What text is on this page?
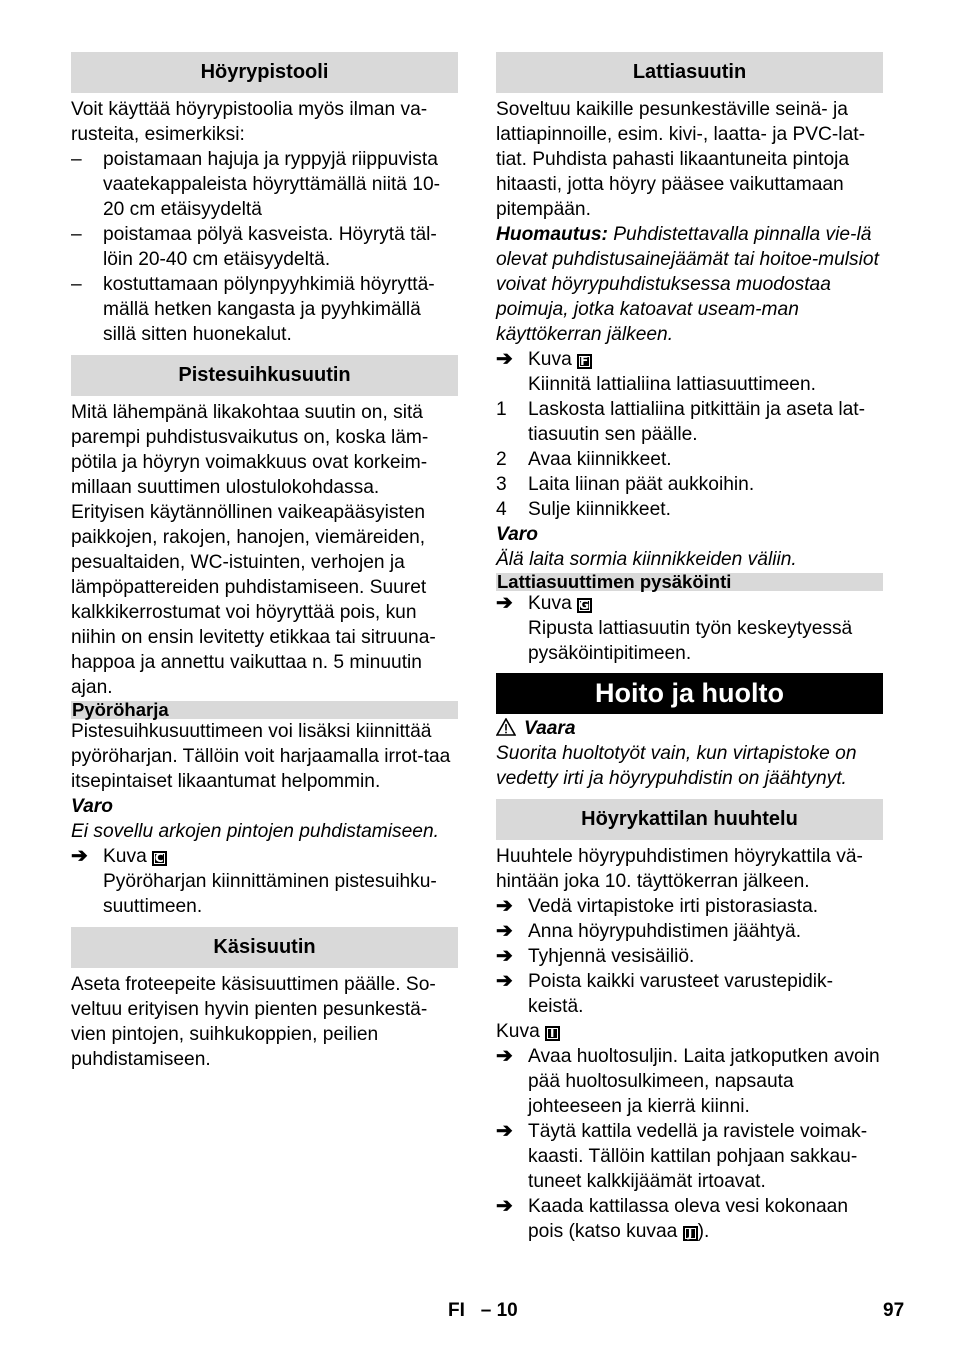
Höyrypistooli

Voit käyttää höyrypistoolia myös ilman va-rusteita, esimerkiksi:

–	poistamaan hajuja ja ryppyjä riippuvista vaatekappaleista höyryttämällä niitä 10-20 cm etäisyydeltä
–	poistamaa pölyä kasveista. Höyrytä täl-löin 20-40 cm etäisyydeltä.
–	kostuttamaan pölynpyyhkimiä höyryttä-mällä hetken kangasta ja pyyhkimällä sillä sitten huonekalut.
Pistesuihkusuutin

Mitä lähempänä likakohtaa suutin on, sitä parempi puhdistusvaikutus on, koska läm-pötila ja höyryn voimakkuus ovat korkeim-millaan suuttimen ulostulokohdassa. Erityisen käytännöllinen vaikeapääsyisten paikkojen, rakojen, hanojen, viemäreiden, pesualtaiden, WC-istuinten, verhojen ja lämpöpattereiden puhdistamiseen. Suuret kalkkikerrostumat voi höyryttää pois, kun niihin on ensin levitetty etikkaa tai sitruuna-happoa ja annettu vaikuttaa n. 5 minuutin ajan.

Pyöröharja

Pistesuihkusuuttimeen voi lisäksi kiinnittää pyöröharjan. Tällöin voit harjaamalla irrot-taa itsepintaiset likaantumat helpommin.

Varo

Ei sovellu arkojen pintojen puhdistamiseen.

➔ Kuva C
Pyöröharjan kiinnittäminen pistesuihku-suuttimeen.
Käsisuutin

Aseta froteepeite käsisuuttimen päälle. So-veltuu erityisen hyvin pienten pesunkestä-vien pintojen, suihkukoppien, peilien puhdistamiseen.

Lattiasuutin

Soveltuu kaikille pesunkestäville seinä- ja lattiapinnoille, esim. kivi-, laatta- ja PVC-lat-tiat. Puhdista pahasti likaantuneita pintoja hitaasti, jotta höyry pääsee vaikuttamaan pitempään.

Huomautus: Puhdistettavalla pinnalla vie-lä olevat puhdistusainejäämät tai hoitoe-mulsiot voivat höyrypuhdistuksessa muodostaa poimuja, jotka katoavat useam-man käyttökerran jälkeen.

➔ Kuva F
Kiinnitä lattialiina lattiasuuttimeen.
1	Laskosta lattialiina pitkittäin ja aseta lat-tiasuutin sen päälle.
2	Avaa kiinnikkeet.
3	Laita liinan päät aukkoihin.
4	Sulje kiinnikkeet.

Varo

Älä laita sormia kiinnikkeiden väliin.

Lattiasuuttimen pysäköinti
➔ Kuva G
Ripusta lattiasuutin työn keskeytyessä pysäköintipitimeen.
Hoito ja huolto

Vaara

Suorita huoltotyöt vain, kun virtapistoke on vedetty irti ja höyrypuhdistin on jäähtynyt.

Höyrykattilan huuhtelu

Huuhtele höyrypuhdistimen höyrykattila vä-hintään joka 10. täyttökerran jälkeen.

➔ Vedä virtapistoke irti pistorasiasta.
➔ Anna höyrypuhdistimen jäähtyä.
➔ Tyhjennä vesisäiliö.
➔ Poista kaikki varusteet varustepidik-keistä.

Kuva I

➔ Avaa huoltosuljin. Laita jatkoputken avoin pää huoltosulkimeen, napsauta johteeseen ja kierrä kiinni.
➔ Täytä kattila vedellä ja ravistele voimak-kaasti. Tällöin kattilan pohjaan sakkau-tuneet kalkkijäämät irtoavat.
➔ Kaada kattilassa oleva vesi kokonaan pois (katso kuvaa J ).
FI – 10	97
